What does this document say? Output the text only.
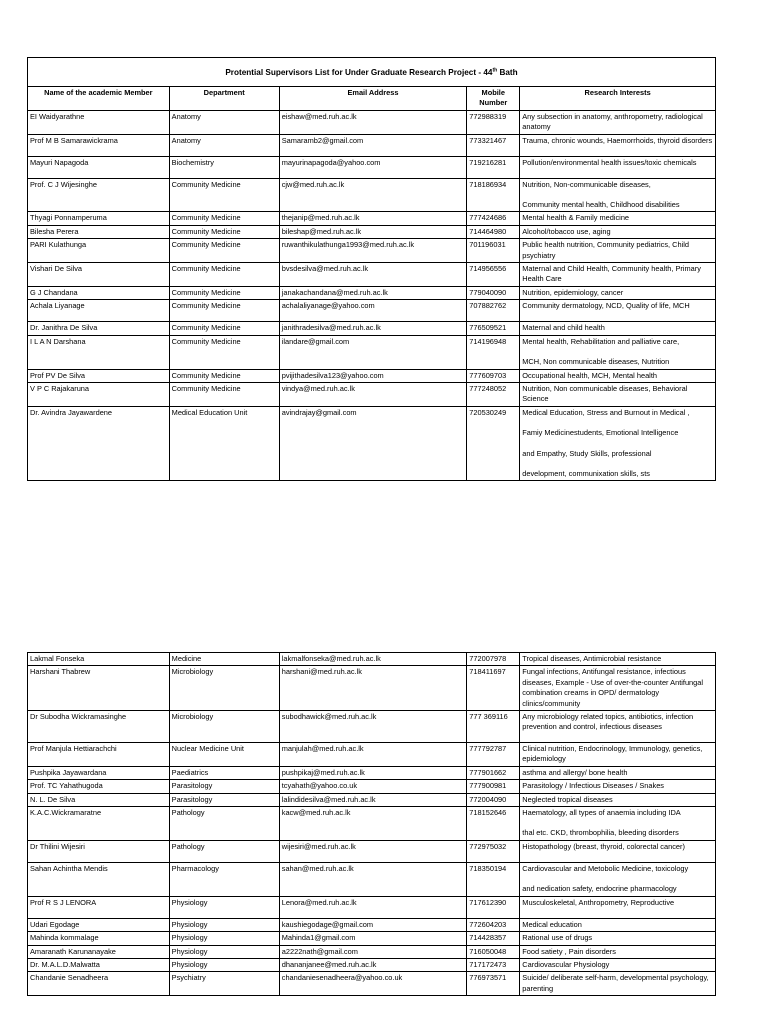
Protential Supervisors List for Under Graduate Research Project - 44th Bath				
Name of the academic Member	Department	Email Address	Mobile Number	Research Interests
EI Waidyarathne	Anatomy	eishaw@med.ruh.ac.lk	772988319	Any subsection in anatomy, anthropometry, radiological anatomy
Prof M B Samarawickrama	Anatomy	Samaramb2@gmail.com	773321467	Trauma, chronic wounds, Haemorrhoids, thyroid disorders
Mayuri Napagoda	Biochemistry	mayurinapagoda@yahoo.com	719216281	Pollution/environmental health issues/toxic chemicals
Prof. C J Wijesinghe	Community Medicine	cjw@med.ruh.ac.lk	718186934	Nutrition, Non-communicable diseases,
Community mental health, Childhood disabilities

Thyagi Ponnamperuma	Community Medicine	thejanip@med.ruh.ac.lk	777424686	Mental health & Family medicine
Bilesha Perera	Community Medicine	bileshap@med.ruh.ac.lk	714464980	Alcohol/tobacco use, aging
PARI Kulathunga	Community Medicine	ruwanthikulathunga1993@med.ruh.ac.lk	701196031	Public health nutrition, Community pediatrics, Child psychiatry
Vishari De Silva	Community Medicine	bvsdesilva@med.ruh.ac.lk	714956556	Maternal and Child Health, Community health, Primary Health Care
G J Chandana	Community Medicine	janakachandana@med.ruh.ac.lk	779040090	Nutrition, epidemiology, cancer
Achala Liyanage	Community Medicine	achalaliyanage@yahoo.com	707882762	Community dermatology, NCD, Quality of life, MCH
Dr. Janithra De Silva	Community Medicine	janithradesilva@med.ruh.ac.lk	776509521	Maternal and child health
I L A N Darshana	Community Medicine	ilandare@gmail.com	714196948	Mental health, Rehabilitation and palliative care,
MCH, Non communicable diseases, Nutrition

Prof PV De Silva	Community Medicine	pvijithadesilva123@yahoo.com	777609703	Occupational health, MCH, Mental health
V P C Rajakaruna	Community Medicine	vindya@med.ruh.ac.lk	777248052	Nutrition, Non communicable diseases, Behavioral Science
Dr. Avindra Jayawardene	Medical Education Unit	avindrajay@gmail.com	720530249	Medical Education, Stress and Burnout in Medical ,
Famiy Medicinestudents, Emotional Intelligence
and Empathy, Study Skills, professional
development, communixation skills, sts
Lakmal Fonseka	Medicine	lakmalfonseka@med.ruh.ac.lk	772007978	Tropical diseases, Antimicrobial resistance
Harshani Thabrew	Microbiology	harshani@med.ruh.ac.lk	718411697	Fungal infections, Antifungal resistance, infectious diseases, Example - Use of over-the-counter Antifungal combination creams in OPD/ dermatology clinics/community
Dr Subodha Wickramasinghe	Microbiology	subodhawick@med.ruh.ac.lk	777 369116	Any microbiology related topics, antibiotics, infection prevention and control, infectious diseases
Prof Manjula Hettiarachchi	Nuclear Medicine Unit	manjulah@med.ruh.ac.lk	777792787	Clinical nutrition, Endocrinology, Immunology, genetics, epidemiology
Pushpika Jayawardana	Paediatrics	pushpikaj@med.ruh.ac.lk	777901662	asthma and allergy/ bone health
Prof. TC Yahathugoda	Parasitology	tcyahath@yahoo.co.uk	777900981	Parasitology / Infectious Diseases / Snakes
N. L. De Silva	Parasitology	lalindidesilva@med.ruh.ac.lk	772004090	Neglected tropical diseases
K.A.C.Wickramaratne	Pathology	kacw@med.ruh.ac.lk	718152646	Haematology, all types of anaemia including IDA
thal etc. CKD, thrombophilia, bleeding disorders

Dr Thilini Wijesiri	Pathology	wijesiri@med.ruh.ac.lk	772975032	Histopathology (breast, thyroid, colorectal cancer)
Sahan Achintha Mendis	Pharmacology	sahan@med.ruh.ac.lk	718350194	Cardiovascular and Metobolic Medicine, toxicology
and nedication safety, endocrine pharmacology

Prof R S J LENORA	Physiology	Lenora@med.ruh.ac.lk	717612390	Musculoskeletal, Anthropometry, Reproductive
Udari Egodage	Physiology	kaushiegodage@gmail.com	772604203	Medical education
Mahinda kommalage	Physiology	Mahinda1@gmail.com	714428357	Rational use of drugs
Amaranath Karunanayake	Physiology	a2222nath@gmail.com	716050048	Food satiety , Pain disorders
Dr. M.A.L.D.Malwatta	Physiology	dhananjanee@med.ruh.ac.lk	717172473	Cardiovascular Physiology
Chandanie Senadheera	Psychiatry	chandaniesenadheera@yahoo.co.uk	776973571	Suicide/ deliberate self-harm, developmental psychology, parenting
